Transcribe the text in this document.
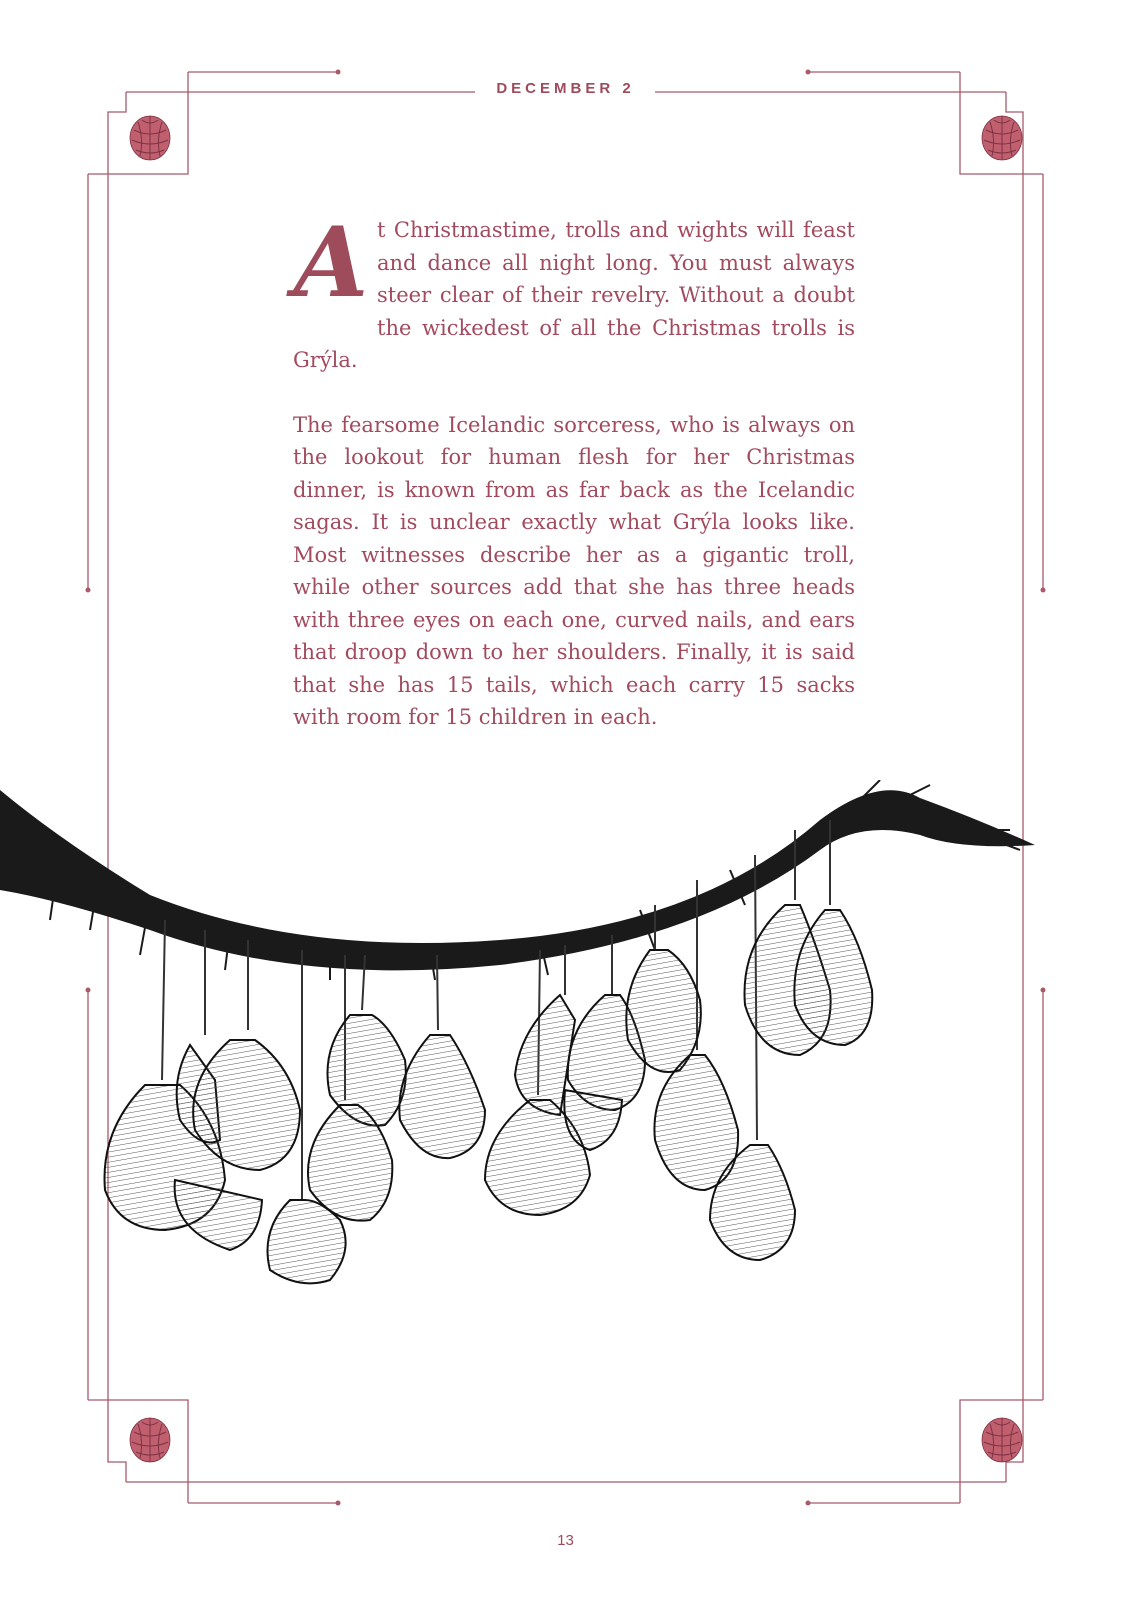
DECEMBER 2

At Christmastime, trolls and wights will feast and dance all night long. You must always steer clear of their revelry. Without a doubt the wickedest of all the Christmas trolls is Grýla.

The fearsome Icelandic sorceress, who is always on the lookout for human flesh for her Christmas dinner, is known from as far back as the Icelandic sagas. It is unclear exactly what Grýla looks like. Most witnesses describe her as a gigantic troll, while other sources add that she has three heads with three eyes on each one, curved nails, and ears that droop down to her shoulders. Finally, it is said that she has 15 tails, which each carry 15 sacks with room for 15 children in each.

13
